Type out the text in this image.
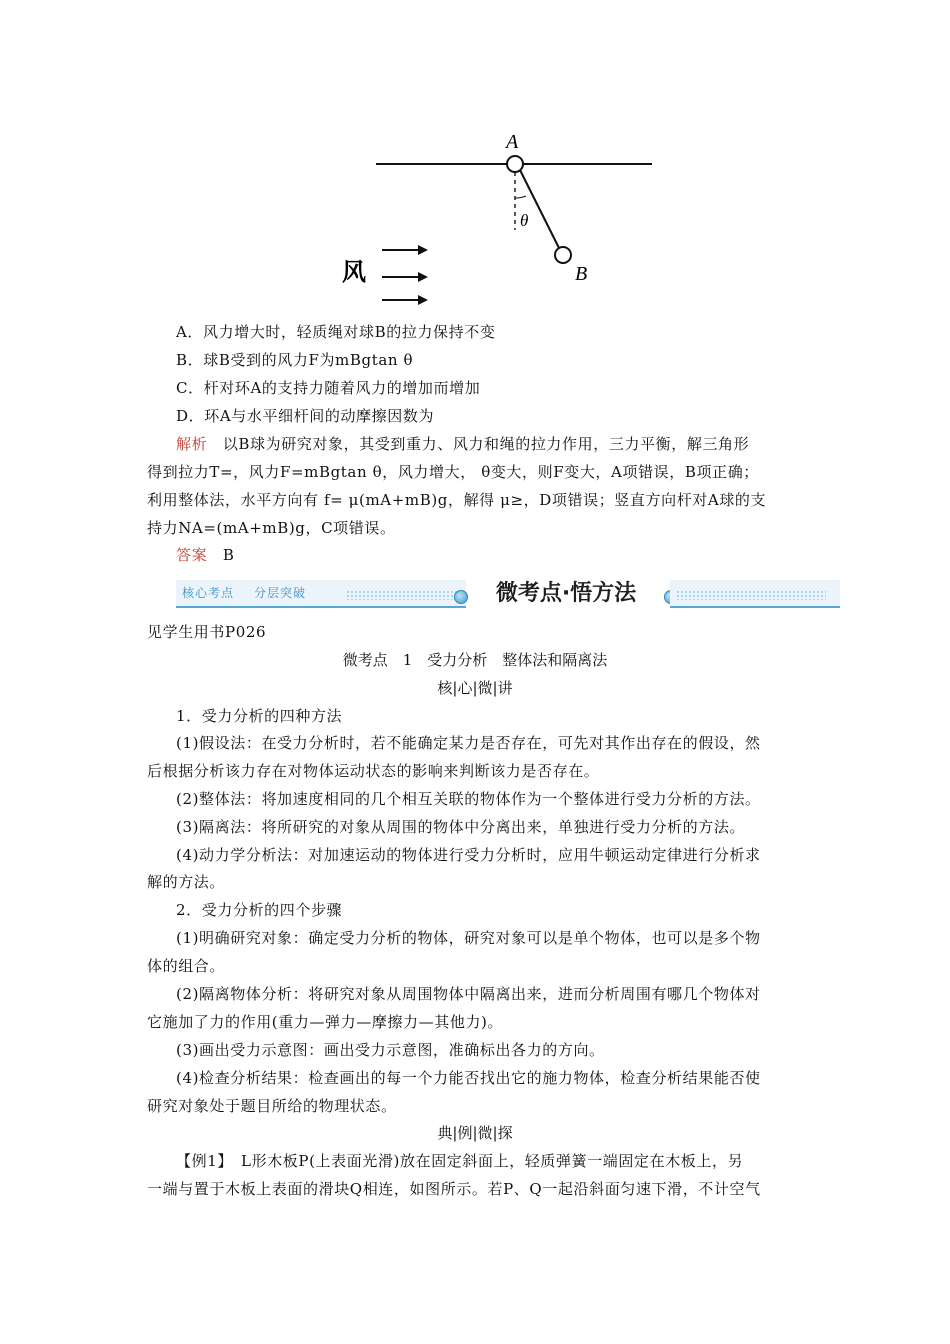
A
θ
B
风
A．风力增大时，轻质绳对球B的拉力保持不变
B．球B受到的风力F为mBgtan θ
C．杆对环A的支持力随着风力的增加而增加
D．环A与水平细杆间的动摩擦因数为
解析　 以B球为研究对象，其受到重力、风力和绳的拉力作用，三力平衡，解三角形
得到拉力T=，风力F=mBgtan θ，风力增大， θ变大，则F变大，A项错误，B项正确；
利用整体法，水平方向有 f= μ(mA+mB)g，解得 μ≥，D项错误；竖直方向杆对A球的支
持力NA=(mA+mB)g，C项错误。
答案　 B
核心考点 分层突破	微考点·悟方法
见学生用书P026
微考点　1　受力分析　整体法和隔离法
核|心|微|讲
1．受力分析的四种方法
(1)假设法：在受力分析时，若不能确定某力是否存在，可先对其作出存在的假设，然
后根据分析该力存在对物体运动状态的影响来判断该力是否存在。
(2)整体法：将加速度相同的几个相互关联的物体作为一个整体进行受力分析的方法。
(3)隔离法：将所研究的对象从周围的物体中分离出来，单独进行受力分析的方法。
(4)动力学分析法：对加速运动的物体进行受力分析时，应用牛顿运动定律进行分析求
解的方法。
2．受力分析的四个步骤
(1)明确研究对象：确定受力分析的物体，研究对象可以是单个物体，也可以是多个物
体的组合。
(2)隔离物体分析：将研究对象从周围物体中隔离出来，进而分析周围有哪几个物体对
它施加了力的作用(重力—弹力—摩擦力—其他力)。
(3)画出受力示意图：画出受力示意图，准确标出各力的方向。
(4)检查分析结果：检查画出的每一个力能否找出它的施力物体，检查分析结果能否使
研究对象处于题目所给的物理状态。
典|例|微|探
【例1】　L形木板P(上表面光滑)放在固定斜面上，轻质弹簧一端固定在木板上，另
一端与置于木板上表面的滑块Q相连，如图所示。若P、Q一起沿斜面匀速下滑，不计空气
